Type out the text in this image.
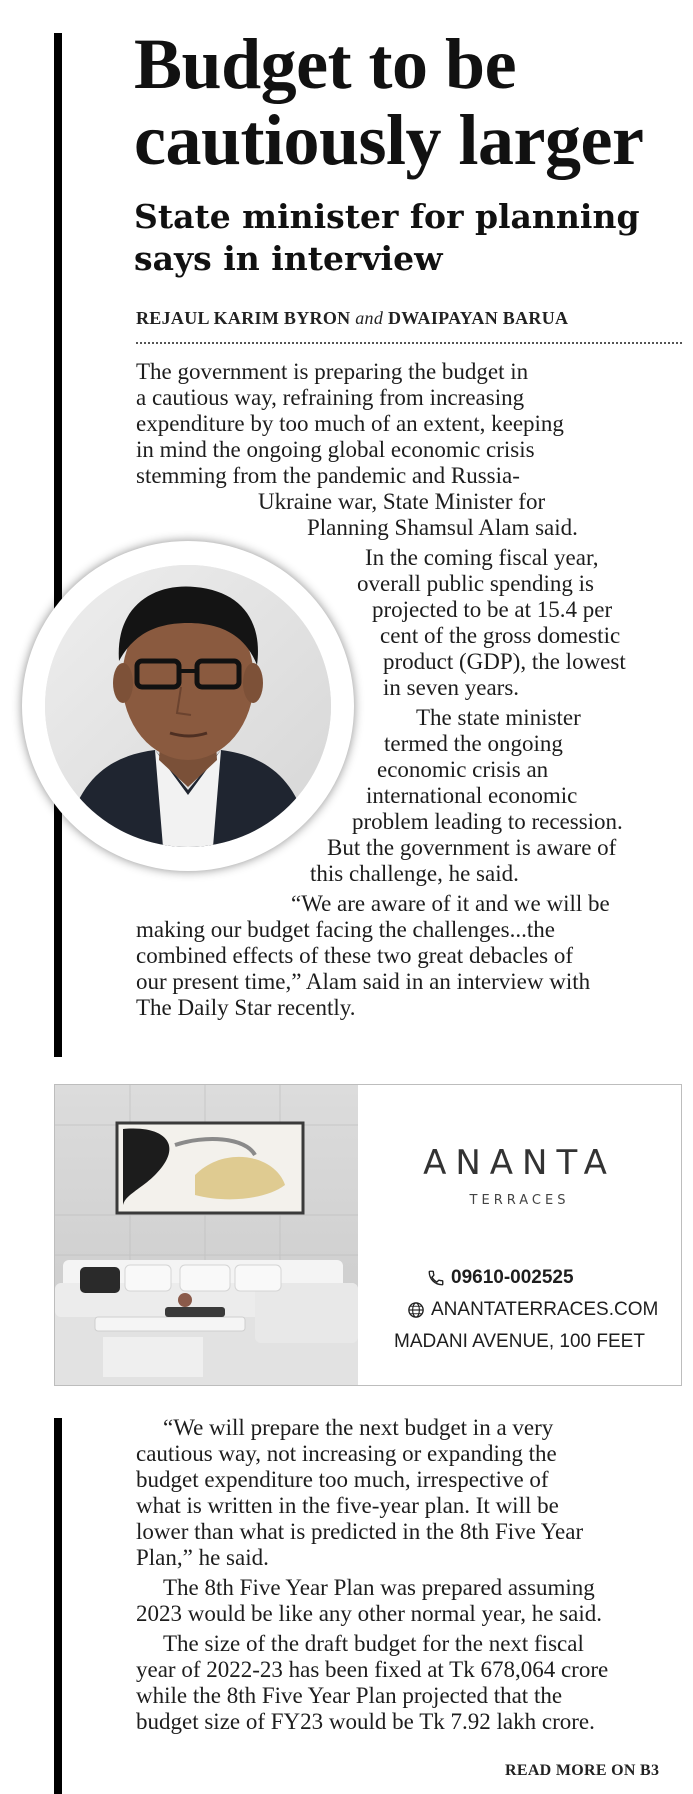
Budget to be
cautiously larger
State minister for planning
says in interview
REJAUL KARIM BYRON and DWAIPAYAN BARUA
The government is preparing the budget in
a cautious way, refraining from increasing
expenditure by too much of an extent, keeping
in mind the ongoing global economic crisis
stemming from the pandemic and Russia-
Ukraine war, State Minister for
Planning Shamsul Alam said.
In the coming fiscal year,
overall public spending is
projected to be at 15.4 per
cent of the gross domestic
product (GDP), the lowest
in seven years.
The state minister
termed the ongoing
economic crisis an
international economic
problem leading to recession.
But the government is aware of
this challenge, he said.
“We are aware of it and we will be
making our budget facing the challenges...the
combined effects of these two great debacles of
our present time,” Alam said in an interview with
The Daily Star recently.
ANANTA
TERRACES
09610-002525
ANANTATERRACES.COM
MADANI AVENUE, 100 FEET
“We will prepare the next budget in a very
cautious way, not increasing or expanding the
budget expenditure too much, irrespective of
what is written in the five-year plan. It will be
lower than what is predicted in the 8th Five Year
Plan,” he said.
The 8th Five Year Plan was prepared assuming
2023 would be like any other normal year, he said.
The size of the draft budget for the next fiscal
year of 2022-23 has been fixed at Tk 678,064 crore
while the 8th Five Year Plan projected that the
budget size of FY23 would be Tk 7.92 lakh crore.
READ MORE ON B3
